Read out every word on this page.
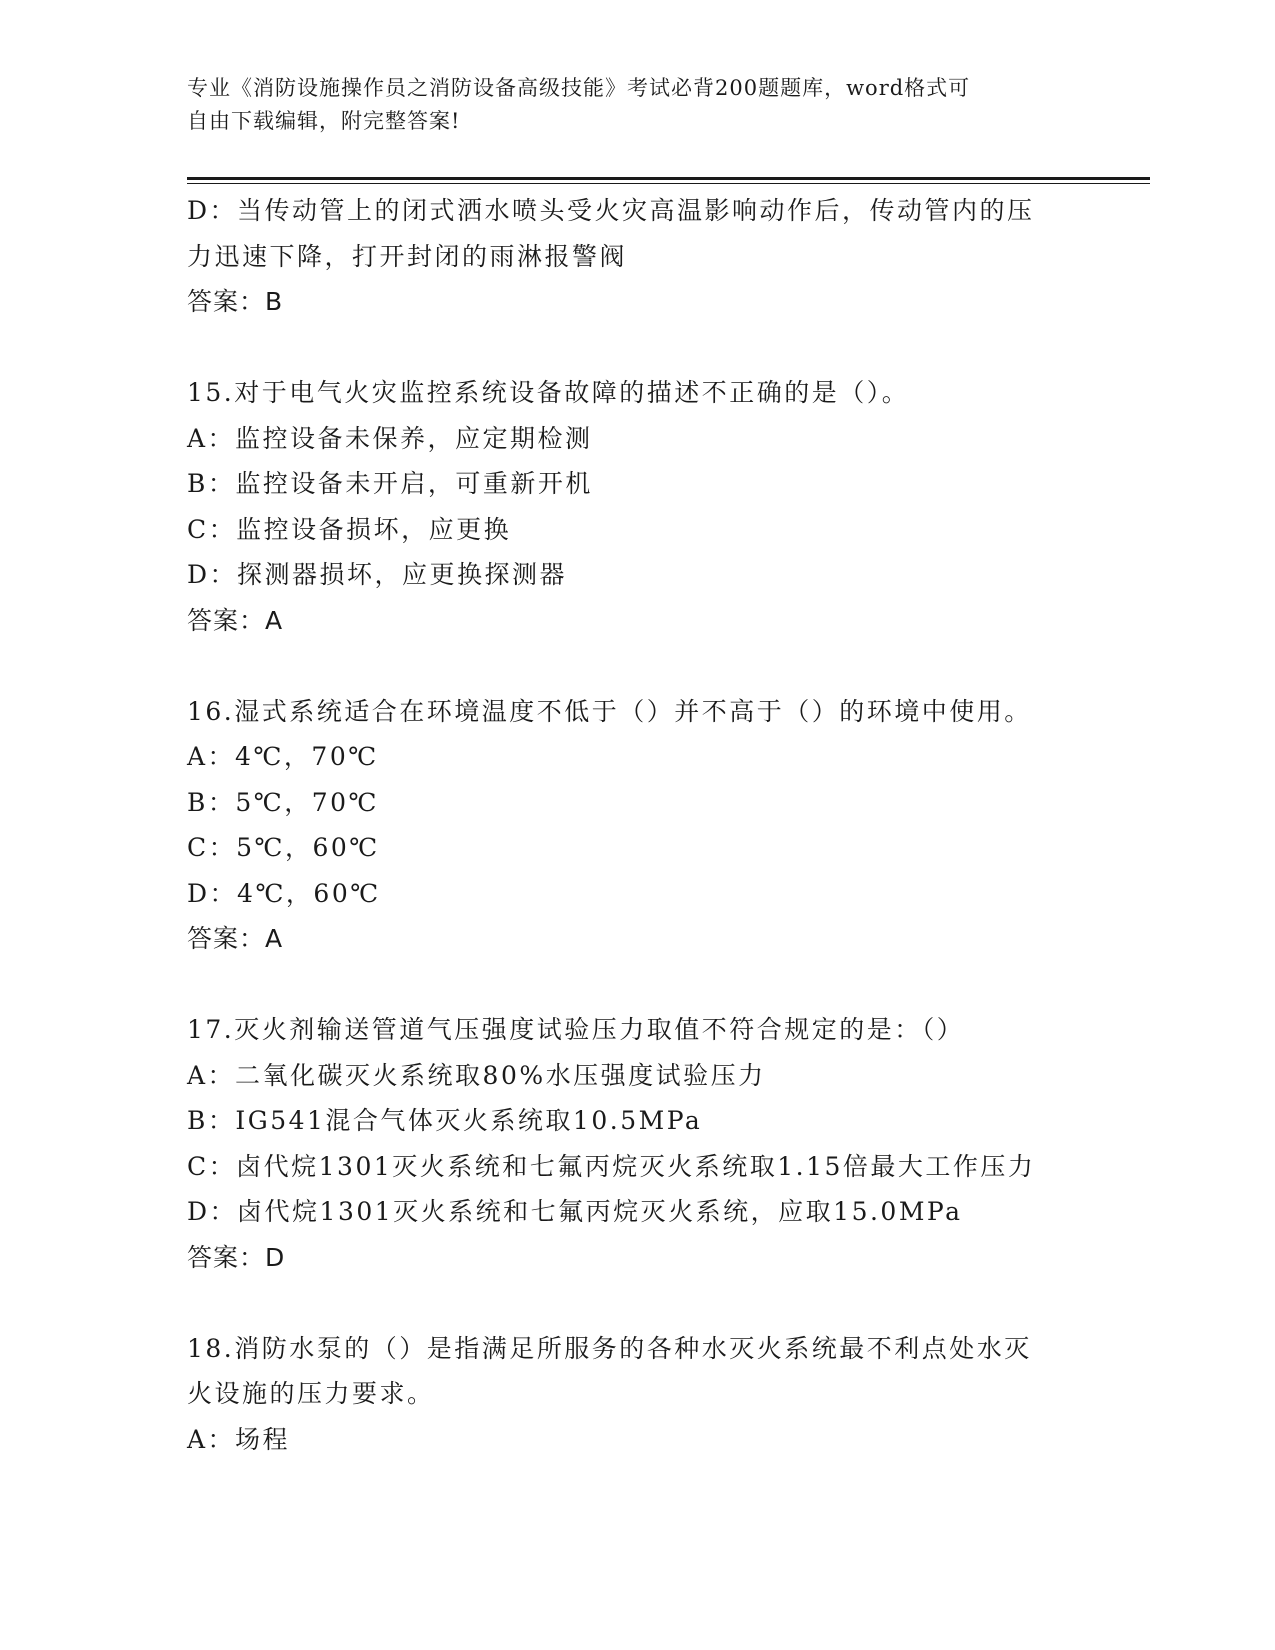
专业《消防设施操作员之消防设备高级技能》考试必背200题题库，word格式可
自由下载编辑，附完整答案!
D：当传动管上的闭式洒水喷头受火灾高温影响动作后，传动管内的压
力迅速下降，打开封闭的雨淋报警阀
答案：B
15.对于电气火灾监控系统设备故障的描述不正确的是（）。
A：监控设备未保养，应定期检测
B：监控设备未开启，可重新开机
C：监控设备损坏，应更换
D：探测器损坏，应更换探测器
答案：A
16.湿式系统适合在环境温度不低于（）并不高于（）的环境中使用。
A：4℃，70℃
B：5℃，70℃
C：5℃，60℃
D：4℃，60℃
答案：A
17.灭火剂输送管道气压强度试验压力取值不符合规定的是：（）
A：二氧化碳灭火系统取80%水压强度试验压力
B：IG541混合气体灭火系统取10.5MPa
C：卤代烷1301灭火系统和七氟丙烷灭火系统取1.15倍最大工作压力
D：卤代烷1301灭火系统和七氟丙烷灭火系统，应取15.0MPa
答案：D
18.消防水泵的（）是指满足所服务的各种水灭火系统最不利点处水灭
火设施的压力要求。
A：场程
